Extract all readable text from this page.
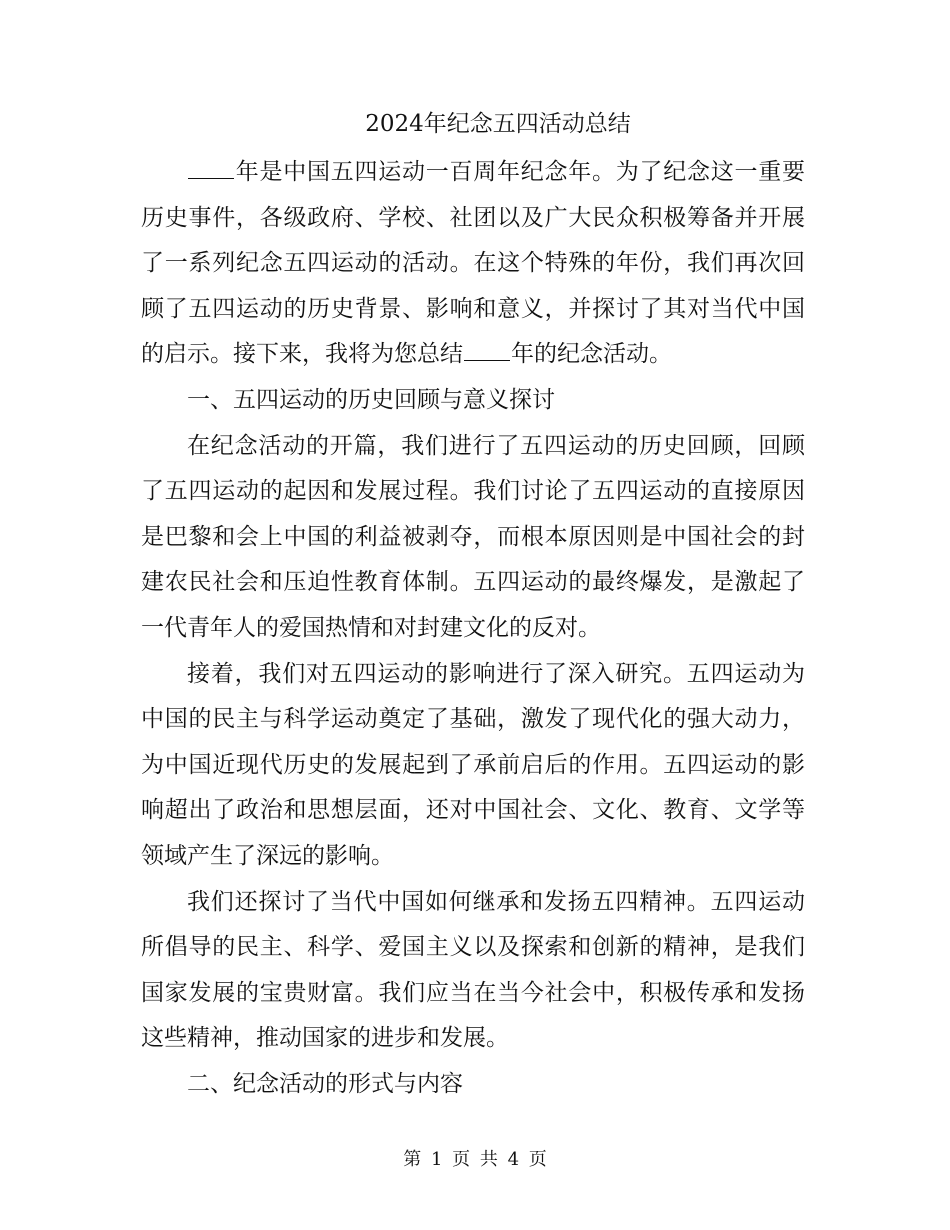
2024年纪念五四活动总结

年是中国五四运动一百周年纪念年。为了纪念这一重要历史事件，各级政府、学校、社团以及广大民众积极筹备并开展了一系列纪念五四运动的活动。在这个特殊的年份，我们再次回顾了五四运动的历史背景、影响和意义，并探讨了其对当代中国的启示。接下来，我将为您总结 年的纪念活动。

一、五四运动的历史回顾与意义探讨

在纪念活动的开篇，我们进行了五四运动的历史回顾，回顾了五四运动的起因和发展过程。我们讨论了五四运动的直接原因是巴黎和会上中国的利益被剥夺，而根本原因则是中国社会的封建农民社会和压迫性教育体制。五四运动的最终爆发，是激起了一代青年人的爱国热情和对封建文化的反对。

接着，我们对五四运动的影响进行了深入研究。五四运动为中国的民主与科学运动奠定了基础，激发了现代化的强大动力，为中国近现代历史的发展起到了承前启后的作用。五四运动的影响超出了政治和思想层面，还对中国社会、文化、教育、文学等领域产生了深远的影响。

我们还探讨了当代中国如何继承和发扬五四精神。五四运动所倡导的民主、科学、爱国主义以及探索和创新的精神，是我们国家发展的宝贵财富。我们应当在当今社会中，积极传承和发扬这些精神，推动国家的进步和发展。

二、纪念活动的形式与内容

第 1 页 共 4 页
